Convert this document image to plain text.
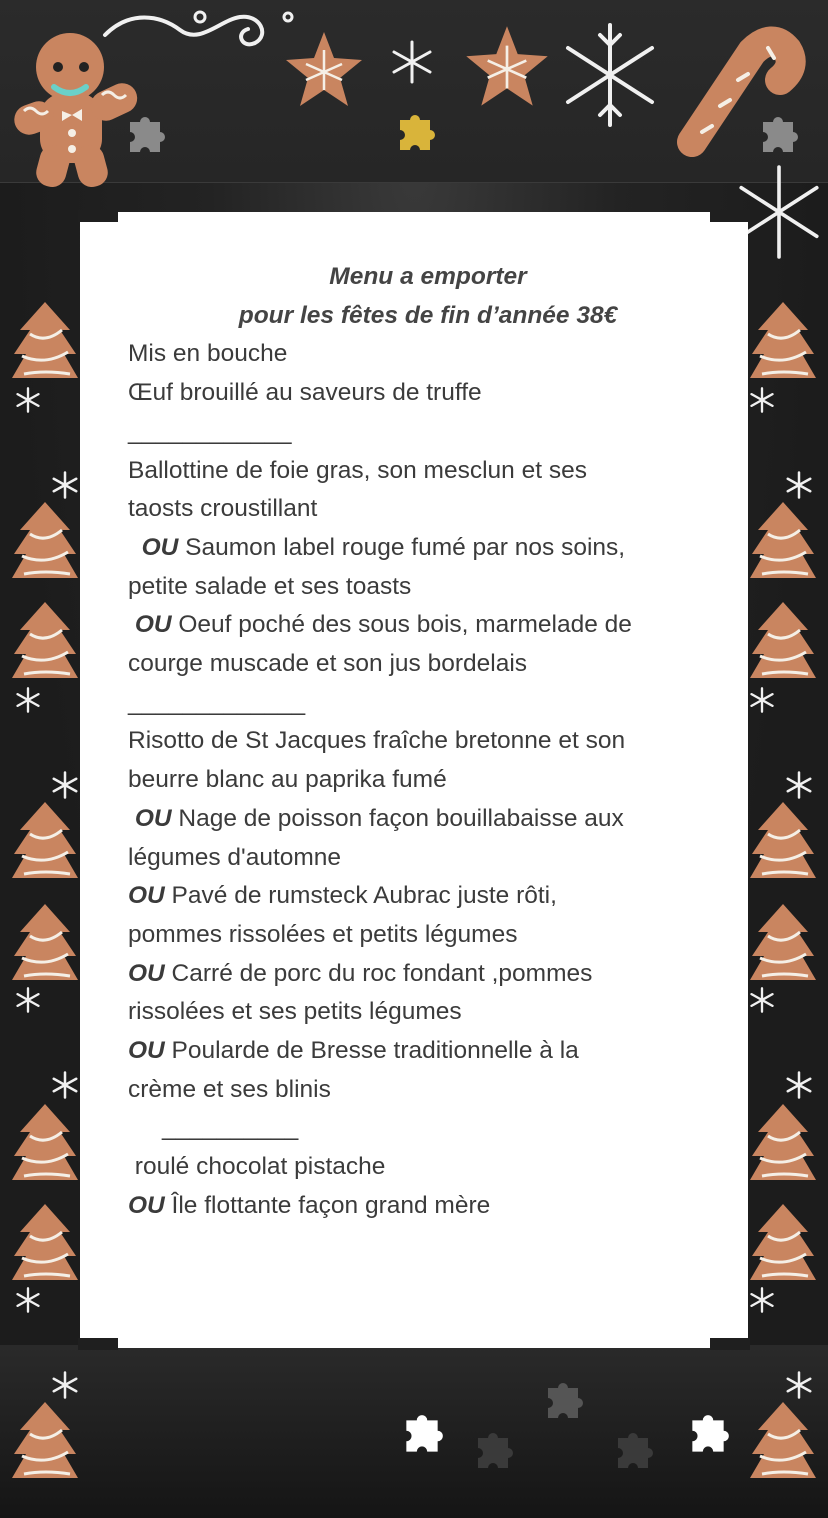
Menu a emporter
pour les fêtes de fin d’année 38€
Mis en bouche
Œuf brouillé au saveurs de truffe
____________
Ballottine de foie gras, son mesclun et ses
taosts croustillant
OU Saumon label rouge fumé par nos soins,
petite salade et ses toasts
OU Oeuf poché des sous bois, marmelade de
courge muscade et son jus bordelais
_____________
Risotto de St Jacques fraîche bretonne et son
beurre blanc au paprika fumé
OU Nage de poisson façon bouillabaisse aux
légumes d'automne
OU Pavé de rumsteck Aubrac juste rôti,
pommes rissolées et petits légumes
OU Carré de porc du roc fondant ,pommes
rissolées et ses petits légumes
OU Poularde de Bresse traditionnelle à la
crème et ses blinis
__________
roulé chocolat pistache
OU Île flottante façon grand mère
